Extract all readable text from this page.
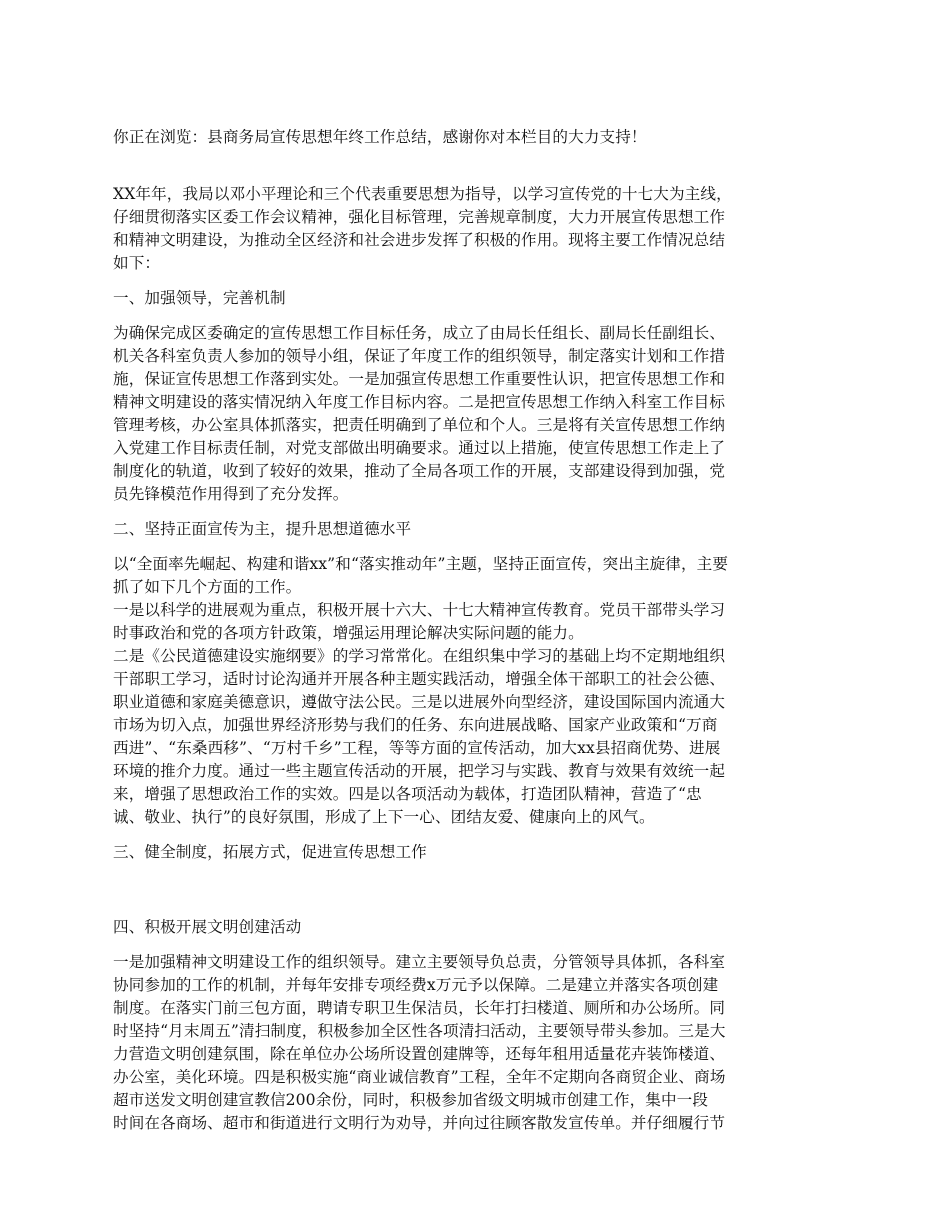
你正在浏览：县商务局宣传思想年终工作总结，感谢你对本栏目的大力支持！
XX年年，我局以邓小平理论和三个代表重要思想为指导，以学习宣传党的十七大为主线，
仔细贯彻落实区委工作会议精神，强化目标管理，完善规章制度，大力开展宣传思想工作
和精神文明建设，为推动全区经济和社会进步发挥了积极的作用。现将主要工作情况总结
如下：
一、加强领导，完善机制
为确保完成区委确定的宣传思想工作目标任务，成立了由局长任组长、副局长任副组长、
机关各科室负责人参加的领导小组，保证了年度工作的组织领导，制定落实计划和工作措
施，保证宣传思想工作落到实处。一是加强宣传思想工作重要性认识，把宣传思想工作和
精神文明建设的落实情况纳入年度工作目标内容。二是把宣传思想工作纳入科室工作目标
管理考核，办公室具体抓落实，把责任明确到了单位和个人。三是将有关宣传思想工作纳
入党建工作目标责任制，对党支部做出明确要求。通过以上措施，使宣传思想工作走上了
制度化的轨道，收到了较好的效果，推动了全局各项工作的开展，支部建设得到加强，党
员先锋模范作用得到了充分发挥。
二、坚持正面宣传为主，提升思想道德水平
以“全面率先崛起、构建和谐xx”和“落实推动年”主题，坚持正面宣传，突出主旋律，主要
抓了如下几个方面的工作。
一是以科学的进展观为重点，积极开展十六大、十七大精神宣传教育。党员干部带头学习
时事政治和党的各项方针政策，增强运用理论解决实际问题的能力。
二是《公民道德建设实施纲要》的学习常常化。在组织集中学习的基础上均不定期地组织
干部职工学习，适时讨论沟通并开展各种主题实践活动，增强全体干部职工的社会公德、
职业道德和家庭美德意识，遵做守法公民。三是以进展外向型经济，建设国际国内流通大
市场为切入点，加强世界经济形势与我们的任务、东向进展战略、国家产业政策和“万商
西进”、“东桑西移”、“万村千乡”工程，等等方面的宣传活动，加大xx县招商优势、进展
环境的推介力度。通过一些主题宣传活动的开展，把学习与实践、教育与效果有效统一起
来，增强了思想政治工作的实效。四是以各项活动为载体，打造团队精神，营造了“忠
诚、敬业、执行”的良好氛围，形成了上下一心、团结友爱、健康向上的风气。
三、健全制度，拓展方式，促进宣传思想工作
四、积极开展文明创建活动
一是加强精神文明建设工作的组织领导。建立主要领导负总责，分管领导具体抓，各科室
协同参加的工作的机制，并每年安排专项经费x万元予以保障。二是建立并落实各项创建
制度。在落实门前三包方面，聘请专职卫生保洁员，长年打扫楼道、厕所和办公场所。同
时坚持“月末周五”清扫制度，积极参加全区性各项清扫活动，主要领导带头参加。三是大
力营造文明创建氛围，除在单位办公场所设置创建牌等，还每年租用适量花卉装饰楼道、
办公室，美化环境。四是积极实施“商业诚信教育”工程，全年不定期向各商贸企业、商场
超市送发文明创建宣教信200余份，同时，积极参加省级文明城市创建工作，集中一段
时间在各商场、超市和街道进行文明行为劝导，并向过往顾客散发宣传单。并仔细履行节
